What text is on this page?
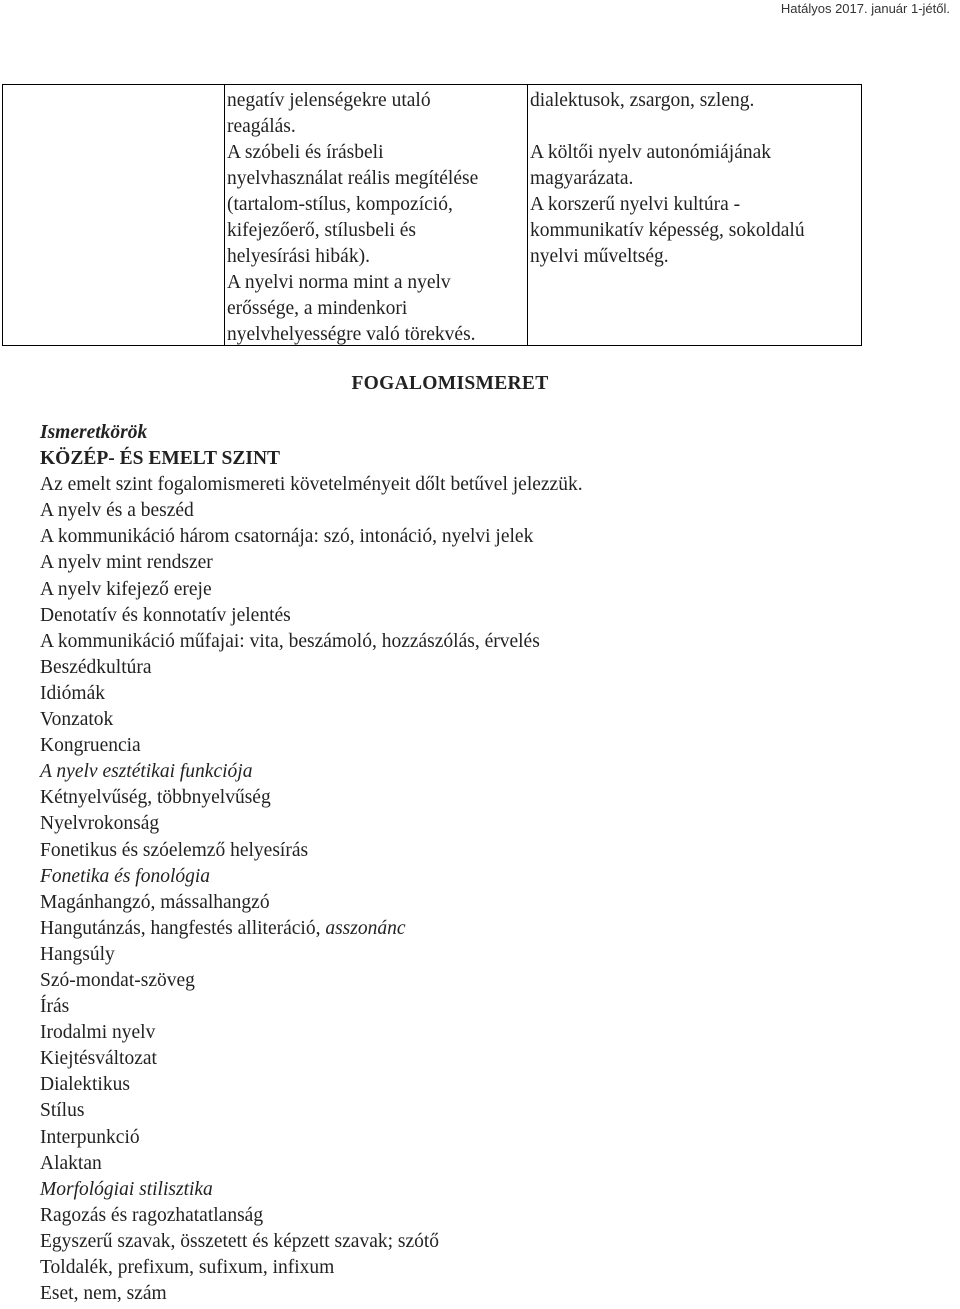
Hatályos 2017. január 1-jétől.
negatív jelenségekre utaló
reagálás.
A szóbeli és írásbeli
nyelvhasználat reális megítélése
(tartalom-stílus, kompozíció,
kifejezőerő, stílusbeli és
helyesírási hibák).
A nyelvi norma mint a nyelv
erőssége, a mindenkori
nyelvhelyességre való törekvés.
dialektusok, zsargon, szleng.

A költői nyelv autonómiájának
magyarázata.
A korszerű nyelvi kultúra -
kommunikatív képesség, sokoldalú
nyelvi műveltség.
FOGALOMISMERET
Ismeretkörök
KÖZÉP- ÉS EMELT SZINT
Az emelt szint fogalomismereti követelményeit dőlt betűvel jelezzük.
A nyelv és a beszéd
A kommunikáció három csatornája: szó, intonáció, nyelvi jelek
A nyelv mint rendszer
A nyelv kifejező ereje
Denotatív és konnotatív jelentés
A kommunikáció műfajai: vita, beszámoló, hozzászólás, érvelés
Beszédkultúra
Idiómák
Vonzatok
Kongruencia
A nyelv esztétikai funkciója
Kétnyelvűség, többnyelvűség
Nyelvrokonság
Fonetikus és szóelemző helyesírás
Fonetika és fonológia
Magánhangzó, mássalhangzó
Hangutánzás, hangfestés alliteráció, asszonánc
Hangsúly
Szó-mondat-szöveg
Írás
Irodalmi nyelv
Kiejtésváltozat
Dialektikus
Stílus
Interpunkció
Alaktan
Morfológiai stilisztika
Ragozás és ragozhatatlanság
Egyszerű szavak, összetett és képzett szavak; szótő
Toldalék, prefixum, sufixum, infixum
Eset, nem, szám
